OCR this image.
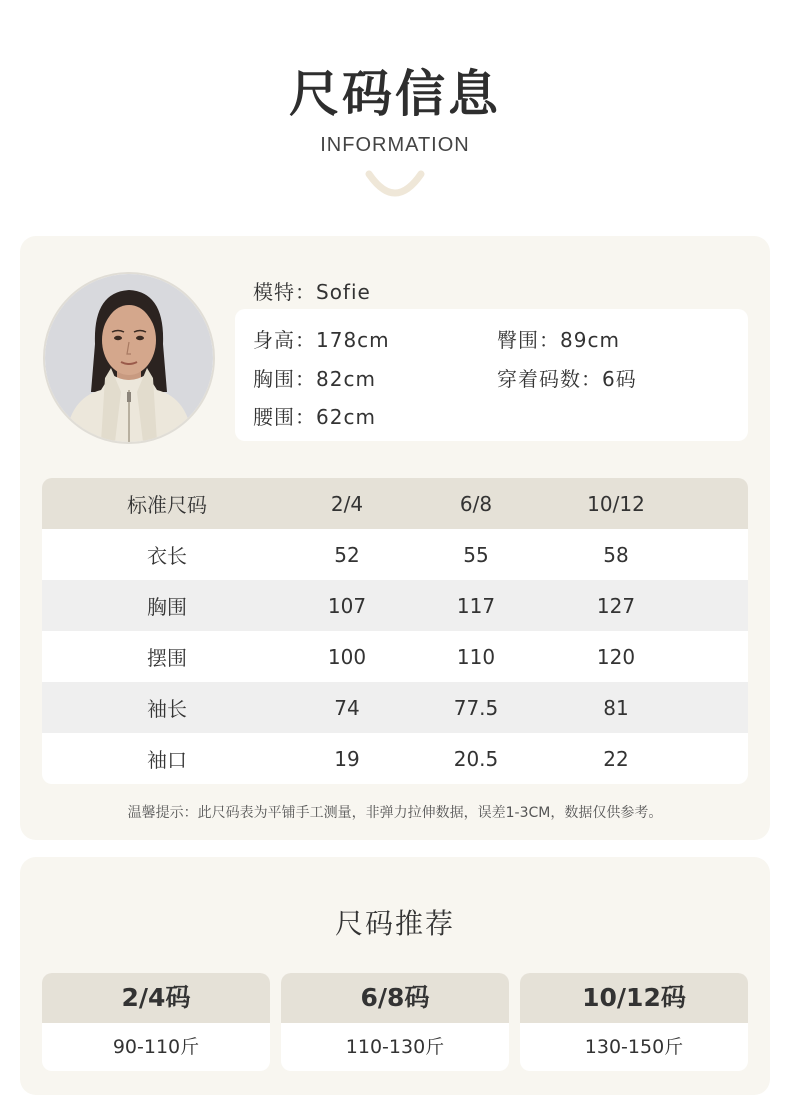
尺码信息
INFORMATION
模特：Sofie
身高：178cm	臀围：89cm
胸围：82cm	穿着码数：6码
腰围：62cm
标准尺码	2/4	6/8	10/12	
衣长	52	55	58	
胸围	107	117	127	
摆围	100	110	120	
袖长	74	77.5	81	
袖口	19	20.5	22	
温馨提示：此尺码表为平铺手工测量，非弹力拉伸数据，误差1-3CM，数据仅供参考。
尺码推荐
2/4码
90-110斤
6/8码
110-130斤
10/12码
130-150斤
